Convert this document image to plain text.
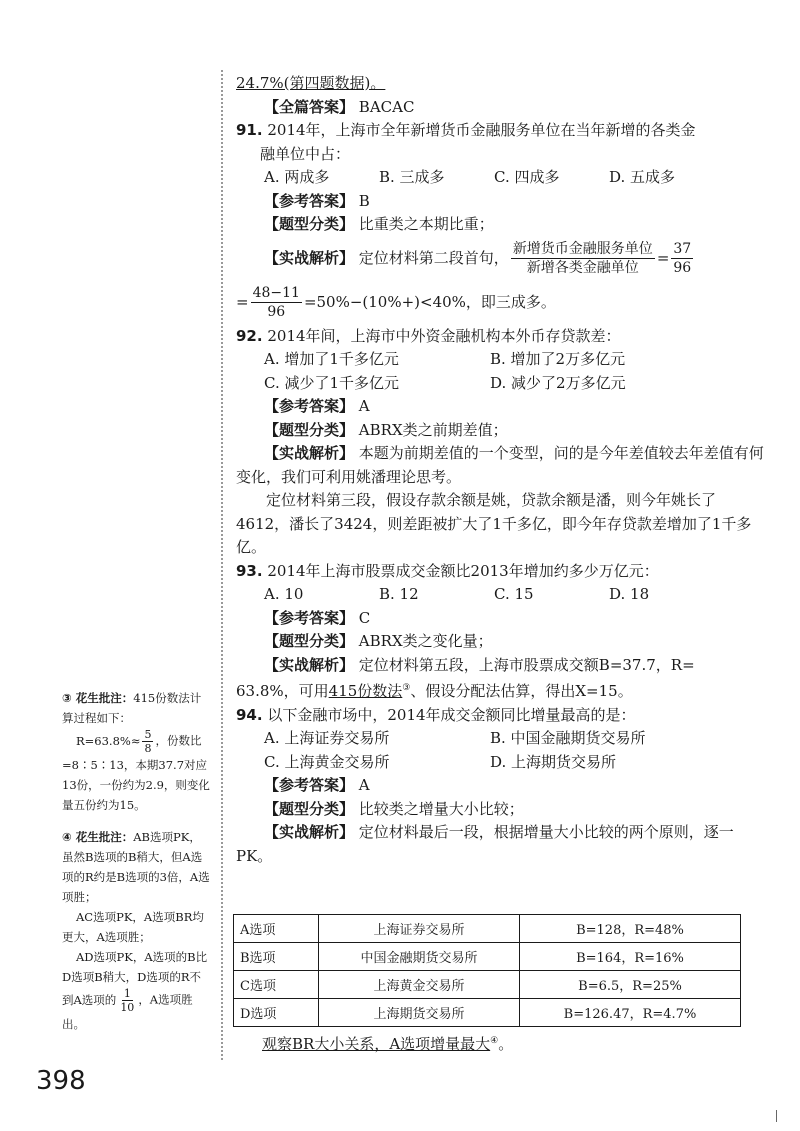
24.7%(第四题数据)。
【全篇答案】 BACAC
91. 2014年，上海市全年新增货币金融服务单位在当年新增的各类金
融单位中占：
A. 两成多	B. 三成多	C. 四成多	D. 五成多
【参考答案】 B
【题型分类】 比重类之本期比重；
【实战解析】
定位材料第二段首句， $\frac{\text{新增货币金融服务单位}}{\text{新增各类金融单位}} = \frac{37}{96}$
= $\frac{48-11}{96} =50\%-(10\%+)<40\%$，即三成多。
92. 2014年间，上海市中外资金融机构本外币存贷款差：
A. 增加了1千多亿元	B. 增加了2万多亿元
C. 减少了1千多亿元	D. 减少了2万多亿元
【参考答案】 A
【题型分类】 ABRX类之前期差值；
【实战解析】 本题为前期差值的一个变型，问的是今年差值较去年差值有何变化，我们可利用姚潘理论思考。
定位材料第三段，假设存款余额是姚，贷款余额是潘，则今年姚长了4612，潘长了3424，则差距被扩大了1千多亿，即今年存贷款差增加了1千多亿。
93. 2014年上海市股票成交金额比2013年增加约多少万亿元：
A. 10	B. 12	C. 15	D. 18
【参考答案】 C
【题型分类】 ABRX类之变化量；
【实战解析】 定位材料第五段，上海市股票成交额B=37.7，R=
63.8%，可用415份数法③、假设分配法估算，得出X=15。
94. 以下金融市场中，2014年成交金额同比增量最高的是：
A. 上海证券交易所	B. 中国金融期货交易所
C. 上海黄金交易所	D. 上海期货交易所
【参考答案】 A
【题型分类】 比较类之增量大小比较；
【实战解析】 定位材料最后一段，根据增量大小比较的两个原则，逐一PK。
A选项	上海证券交易所	B=128，R=48%
B选项	中国金融期货交易所	B=164，R=16%
C选项	上海黄金交易所	B=6.5，R=25%
D选项	上海期货交易所	B=126.47，R=4.7%
观察BR大小关系，A选项增量最大④。
③ 花生批注：415份数法计算过程如下：
$R=63.8\%\approx \frac{5}{8}$ ，份数比=8∶5∶13，本期37.7对应13份，一份约为2.9，则变化量五份约为15。
④ 花生批注：AB选项PK，虽然B选项的B稍大，但A选项的R约是B选项的3倍，A选项胜；
AC选项PK，A选项BR均更大，A选项胜；
AD选项PK，A选项的B比D选项B稍大，D选项的R不到A选项的 $\frac{1}{10}$ ，A选项胜出。
398
